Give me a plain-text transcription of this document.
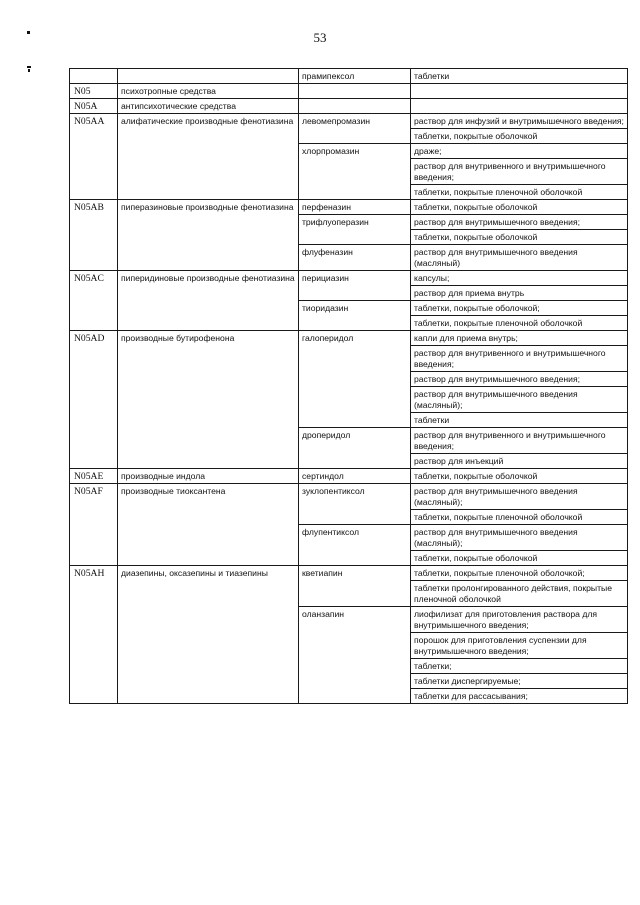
53
		прамипексол	таблетки
N05	психотропные средства		
N05A	антипсихотические средства		
N05AA	алифатические производные фенотиазина	левомепромазин	раствор для инфузий и внутримышечного введения;
			таблетки, покрытые оболочкой
		хлорпромазин	драже;
			раствор для внутривенного и внутримышечного введения;
			таблетки, покрытые пленочной оболочкой
N05AB	пиперазиновые производные фенотиазина	перфеназин	таблетки, покрытые оболочкой
		трифлуоперазин	раствор для внутримышечного введения;
			таблетки, покрытые оболочкой
		флуфеназин	раствор для внутримышечного введения (масляный)
N05AC	пиперидиновые производные фенотиазина	перициазин	капсулы;
			раствор для приема внутрь
		тиоридазин	таблетки, покрытые оболочкой;
			таблетки, покрытые пленочной оболочкой
N05AD	производные бутирофенона	галоперидол	капли для приема внутрь;
			раствор для внутривенного и внутримышечного введения;
			раствор для внутримышечного введения;
			раствор для внутримышечного введения (масляный);
			таблетки
		дроперидол	раствор для внутривенного и внутримышечного введения;
			раствор для инъекций
N05AE	производные индола	сертиндол	таблетки, покрытые оболочкой
N05AF	производные тиоксантена	зуклопентиксол	раствор для внутримышечного введения (масляный);
			таблетки, покрытые пленочной оболочкой
		флупентиксол	раствор для внутримышечного введения (масляный);
			таблетки, покрытые оболочкой
N05AH	диазепины, оксазепины и тиазепины	кветиапин	таблетки, покрытые пленочной оболочкой;
			таблетки пролонгированного действия, покрытые пленочной оболочкой
		оланзапин	лиофилизат для приготовления раствора для внутримышечного введения;
			порошок для приготовления суспензии для внутримышечного введения;
			таблетки;
			таблетки диспергируемые;
			таблетки для рассасывания;
